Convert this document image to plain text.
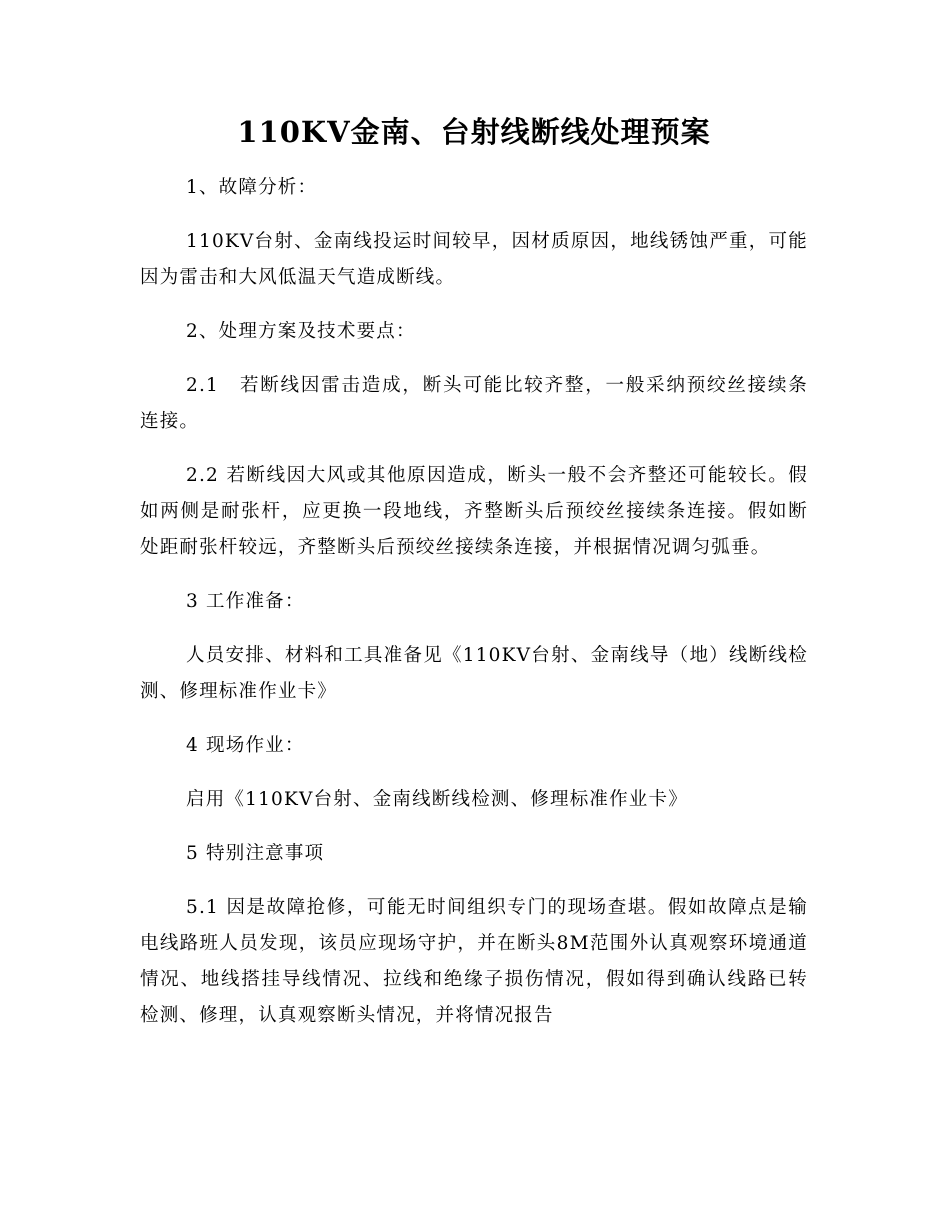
110KV金南、台射线断线处理预案

1、故障分析：

110KV台射、金南线投运时间较早，因材质原因，地线锈蚀严重，可能因为雷击和大风低温天气造成断线。

2、处理方案及技术要点：

2.1　若断线因雷击造成，断头可能比较齐整，一般采纳预绞丝接续条连接。

2.2 若断线因大风或其他原因造成，断头一般不会齐整还可能较长。假如两侧是耐张杆，应更换一段地线，齐整断头后预绞丝接续条连接。假如断处距耐张杆较远，齐整断头后预绞丝接续条连接，并根据情况调匀弧垂。

3 工作准备：

人员安排、材料和工具准备见《110KV台射、金南线导（地）线断线检测、修理标准作业卡》

4 现场作业：

启用《110KV台射、金南线断线检测、修理标准作业卡》

5 特别注意事项

5.1 因是故障抢修，可能无时间组织专门的现场查堪。假如故障点是输电线路班人员发现，该员应现场守护，并在断头8M范围外认真观察环境通道情况、地线搭挂导线情况、拉线和绝缘子损伤情况，假如得到确认线路已转检测、修理，认真观察断头情况，并将情况报告
